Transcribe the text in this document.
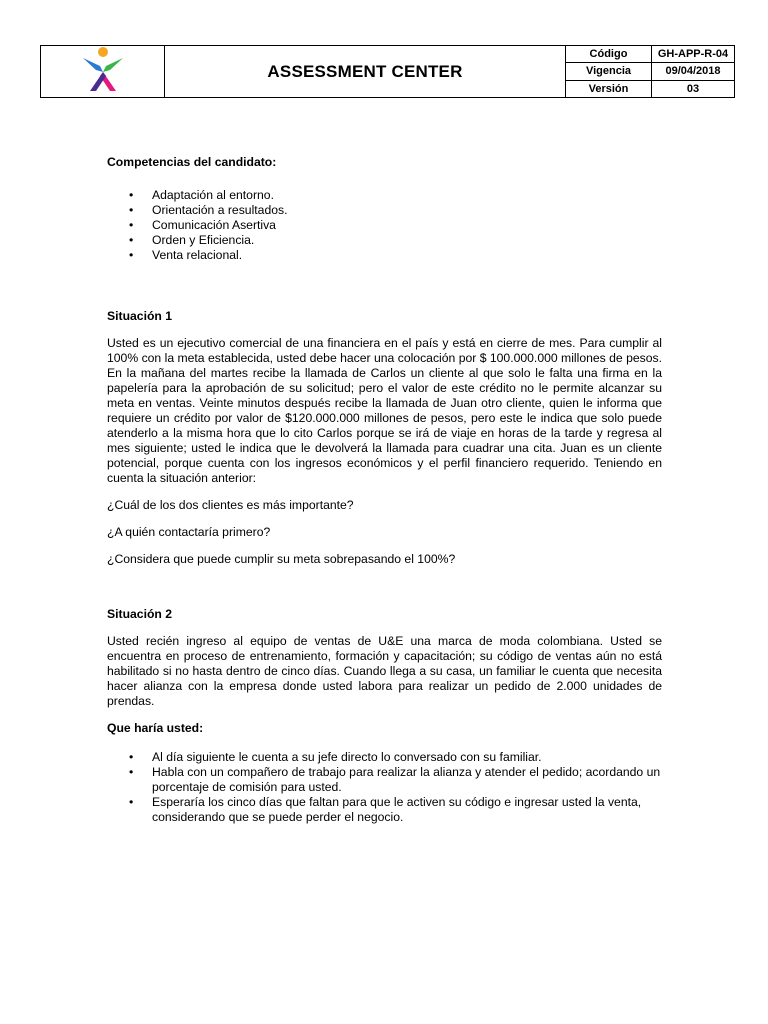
	ASSESSMENT CENTER	Código	GH-APP-R-04
		Vigencia	09/04/2018
		Versión	03
Competencias del candidato:
• Adaptación al entorno.
• Orientación a resultados.
• Comunicación Asertiva
• Orden y Eficiencia.
• Venta relacional.
Situación 1

Usted es un ejecutivo comercial de una financiera en el país y está en cierre de mes. Para cumplir al 100% con la meta establecida, usted debe hacer una colocación por $ 100.000.000 millones de pesos. En la mañana del martes recibe la llamada de Carlos un cliente al que solo le falta una firma en la papelería para la aprobación de su solicitud; pero el valor de este crédito no le permite alcanzar su meta en ventas. Veinte minutos después recibe la llamada de Juan otro cliente, quien le informa que requiere un crédito por valor de $120.000.000 millones de pesos, pero este le indica que solo puede atenderlo a la misma hora que lo cito Carlos porque se irá de viaje en horas de la tarde y regresa al mes siguiente; usted le indica que le devolverá la llamada para cuadrar una cita. Juan es un cliente potencial, porque cuenta con los ingresos económicos y el perfil financiero requerido. Teniendo en cuenta la situación anterior:

¿Cuál de los dos clientes es más importante?

¿A quién contactaría primero?

¿Considera que puede cumplir su meta sobrepasando el 100%?

Situación 2

Usted recién ingreso al equipo de ventas de U&E una marca de moda colombiana. Usted se encuentra en proceso de entrenamiento, formación y capacitación; su código de ventas aún no está habilitado si no hasta dentro de cinco días. Cuando llega a su casa, un familiar le cuenta que necesita hacer alianza con la empresa donde usted labora para realizar un pedido de 2.000 unidades de prendas.

Que haría usted:
• Al día siguiente le cuenta a su jefe directo lo conversado con su familiar.
• Habla con un compañero de trabajo para realizar la alianza y atender el pedido; acordando un porcentaje de comisión para usted.
• Esperaría los cinco días que faltan para que le activen su código e ingresar usted la venta, considerando que se puede perder el negocio.
